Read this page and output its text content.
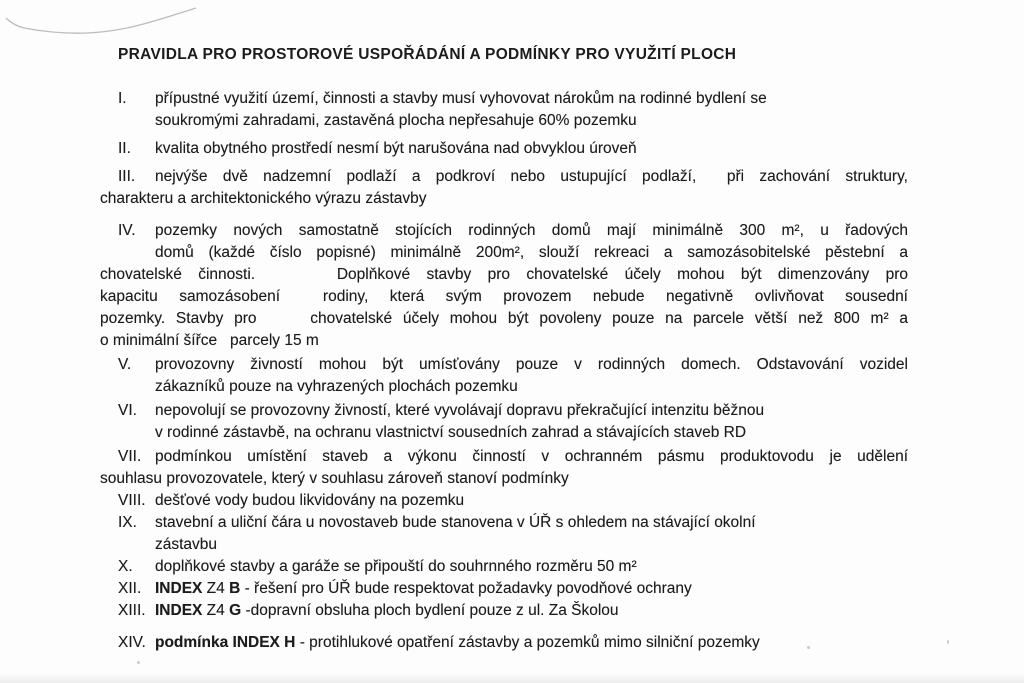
PRAVIDLA PRO PROSTOROVÉ USPOŘÁDÁNÍ A PODMÍNKY PRO VYUŽITÍ PLOCH
I.	přípustné využití území, činnosti a stavby musí vyhovovat nárokům na rodinné bydlení se
soukromými zahradami, zastavěná plocha nepřesahuje 60% pozemku
II.	kvalita obytného prostředí nesmí být narušována nad obvyklou úroveň
III.	nejvýše dvě nadzemní podlaží a podkroví nebo ustupující podlaží,  při zachování struktury,
charakteru a architektonického výrazu zástavby
IV.	pozemky nových samostatně stojících rodinných domů mají minimálně 300 m², u řadových
domů (každé číslo popisné) minimálně 200m², slouží rekreaci a samozásobitelské pěstební a
chovatelské činnosti.     Doplňkové stavby pro chovatelské účely mohou být dimenzovány pro
kapacitu samozásobení  rodiny, která svým provozem nebude negativně ovlivňovat sousední
pozemky. Stavby pro     chovatelské účely mohou být povoleny pouze na parcele větší než 800 m² a
o minimální šířce   parcely 15 m
V.	provozovny živností mohou být umísťovány pouze v rodinných domech. Odstavování vozidel
zákazníků pouze na vyhrazených plochách pozemku
VI.	nepovolují se provozovny živností, které vyvolávají dopravu překračující intenzitu běžnou
v rodinné zástavbě, na ochranu vlastnictví sousedních zahrad a stávajících staveb RD
VII. podmínkou umístění staveb a výkonu činností v ochranném pásmu produktovodu je udělení
souhlasu provozovatele, který v souhlasu zároveň stanoví podmínky
VIII. dešťové vody budou likvidovány na pozemku
IX.	stavební a uliční čára u novostaveb bude stanovena v ÚŘ s ohledem na stávající okolní
zástavbu
X.	doplňkové stavby a garáže se připouští do souhrnného rozměru 50 m²
XII. INDEX Z4 B - řešení pro ÚŘ bude respektovat požadavky povodňové ochrany
XIII. INDEX Z4 G -dopravní obsluha ploch bydlení pouze z ul. Za Školou
XIV. podmínka INDEX H - protihlukové opatření zástavby a pozemků mimo silniční pozemky
